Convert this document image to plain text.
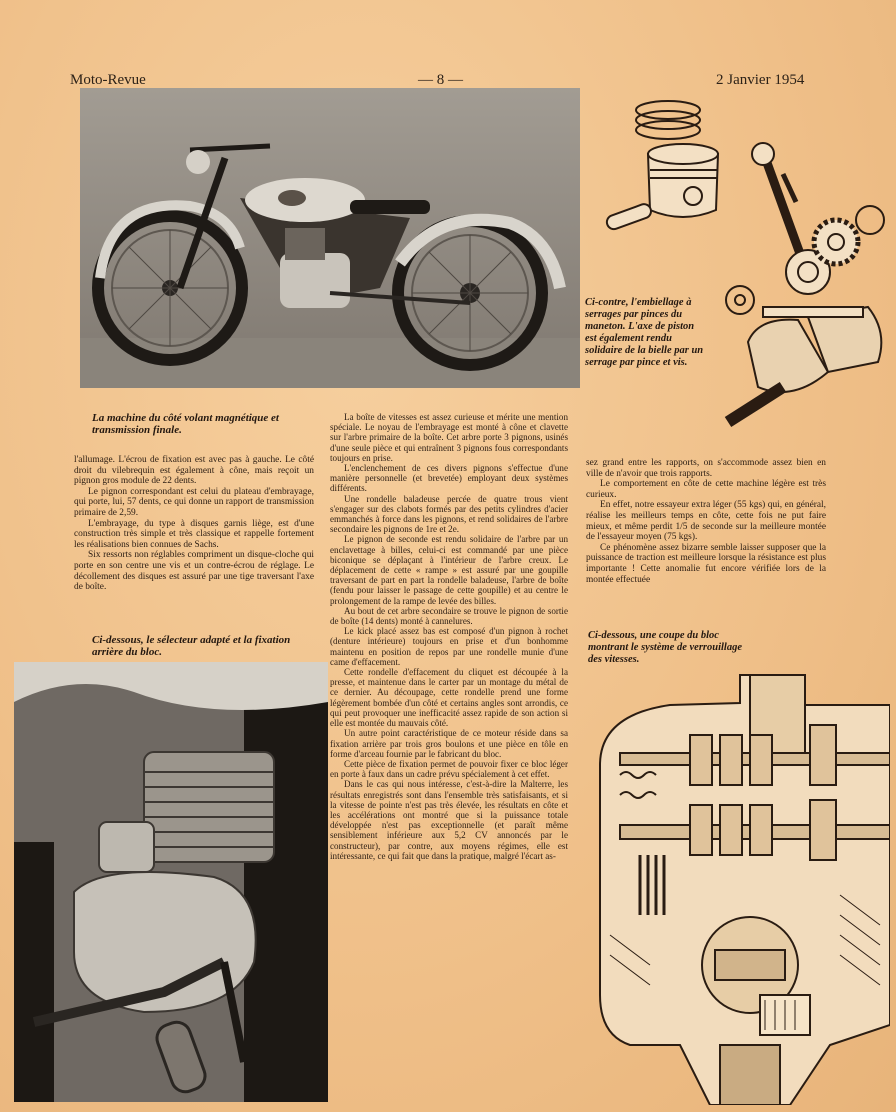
Moto-Revue	— 8 —	2 Janvier 1954
La machine du côté volant magnétique et transmission finale.
Ci-contre, l'embiellage à serrages par pinces du maneton. L'axe de piston est également rendu solidaire de la bielle par un serrage par pince et vis.
Ci-dessous, le sélecteur adapté et la fixation arrière du bloc.
Ci-dessous, une coupe du bloc montrant le système de verrouillage des vitesses.

l'allumage. L'écrou de fixation est avec pas à gauche. Le côté droit du vilebrequin est également à cône, mais reçoit un pignon gros module de 22 dents.

Le pignon correspondant est celui du plateau d'embrayage, qui porte, lui, 57 dents, ce qui donne un rapport de transmission primaire de 2,59.

L'embrayage, du type à disques garnis liège, est d'une construction très simple et très classique et rappelle fortement les réalisations bien connues de Sachs.

Six ressorts non réglables compriment un disque-cloche qui porte en son centre une vis et un contre-écrou de réglage. Le décollement des disques est assuré par une tige traversant l'axe de boîte.

La boîte de vitesses est assez curieuse et mérite une mention spéciale. Le noyau de l'embrayage est monté à cône et clavette sur l'arbre primaire de la boîte. Cet arbre porte 3 pignons, usinés d'une seule pièce et qui entraînent 3 pignons fous correspondants toujours en prise.

L'enclenchement de ces divers pignons s'effectue d'une manière personnelle (et brevetée) employant deux systèmes différents.

Une rondelle baladeuse percée de quatre trous vient s'engager sur des clabots formés par des petits cylindres d'acier emmanchés à force dans les pignons, et rend solidaires de l'arbre secondaire les pignons de 1re et 2e.

Le pignon de seconde est rendu solidaire de l'arbre par un enclavettage à billes, celui-ci est commandé par une pièce biconique se déplaçant à l'intérieur de l'arbre creux. Le déplacement de cette « rampe » est assuré par une goupille traversant de part en part la rondelle baladeuse, l'arbre de boîte (fendu pour laisser le passage de cette goupille) et au centre le prolongement de la rampe de levée des billes.

Au bout de cet arbre secondaire se trouve le pignon de sortie de boîte (14 dents) monté à cannelures.

Le kick placé assez bas est composé d'un pignon à rochet (denture intérieure) toujours en prise et d'un bonhomme maintenu en position de repos par une rondelle munie d'une came d'effacement.

Cette rondelle d'effacement du cliquet est découpée à la presse, et maintenue dans le carter par un montage du métal de ce dernier. Au découpage, cette rondelle prend une forme légèrement bombée d'un côté et certains angles sont arrondis, ce qui peut provoquer une inefficacité assez rapide de son action si elle est montée du mauvais côté.

Un autre point caractéristique de ce moteur réside dans sa fixation arrière par trois gros boulons et une pièce en tôle en forme d'arceau fournie par le fabricant du bloc.

Cette pièce de fixation permet de pouvoir fixer ce bloc léger en porte à faux dans un cadre prévu spécialement à cet effet.

Dans le cas qui nous intéresse, c'est-à-dire la Malterre, les résultats enregistrés sont dans l'ensemble très satisfaisants, et si la vitesse de pointe n'est pas très élevée, les résultats en côte et les accélérations ont montré que si la puissance totale développée n'est pas exceptionnelle (et paraît même sensiblement inférieure aux 5,2 CV annoncés par le constructeur), par contre, aux moyens régimes, elle est intéressante, ce qui fait que dans la pratique, malgré l'écart as-

sez grand entre les rapports, on s'accommode assez bien en ville de n'avoir que trois rapports.

Le comportement en côte de cette machine légère est très curieux.

En effet, notre essayeur extra léger (55 kgs) qui, en général, réalise les meilleurs temps en côte, cette fois ne put faire mieux, et même perdit 1/5 de seconde sur la meilleure montée de l'essayeur moyen (75 kgs).

Ce phénomène assez bizarre semble laisser supposer que la puissance de traction est meilleure lorsque la résistance est plus importante ! Cette anomalie fut encore vérifiée lors de la montée effectuée
